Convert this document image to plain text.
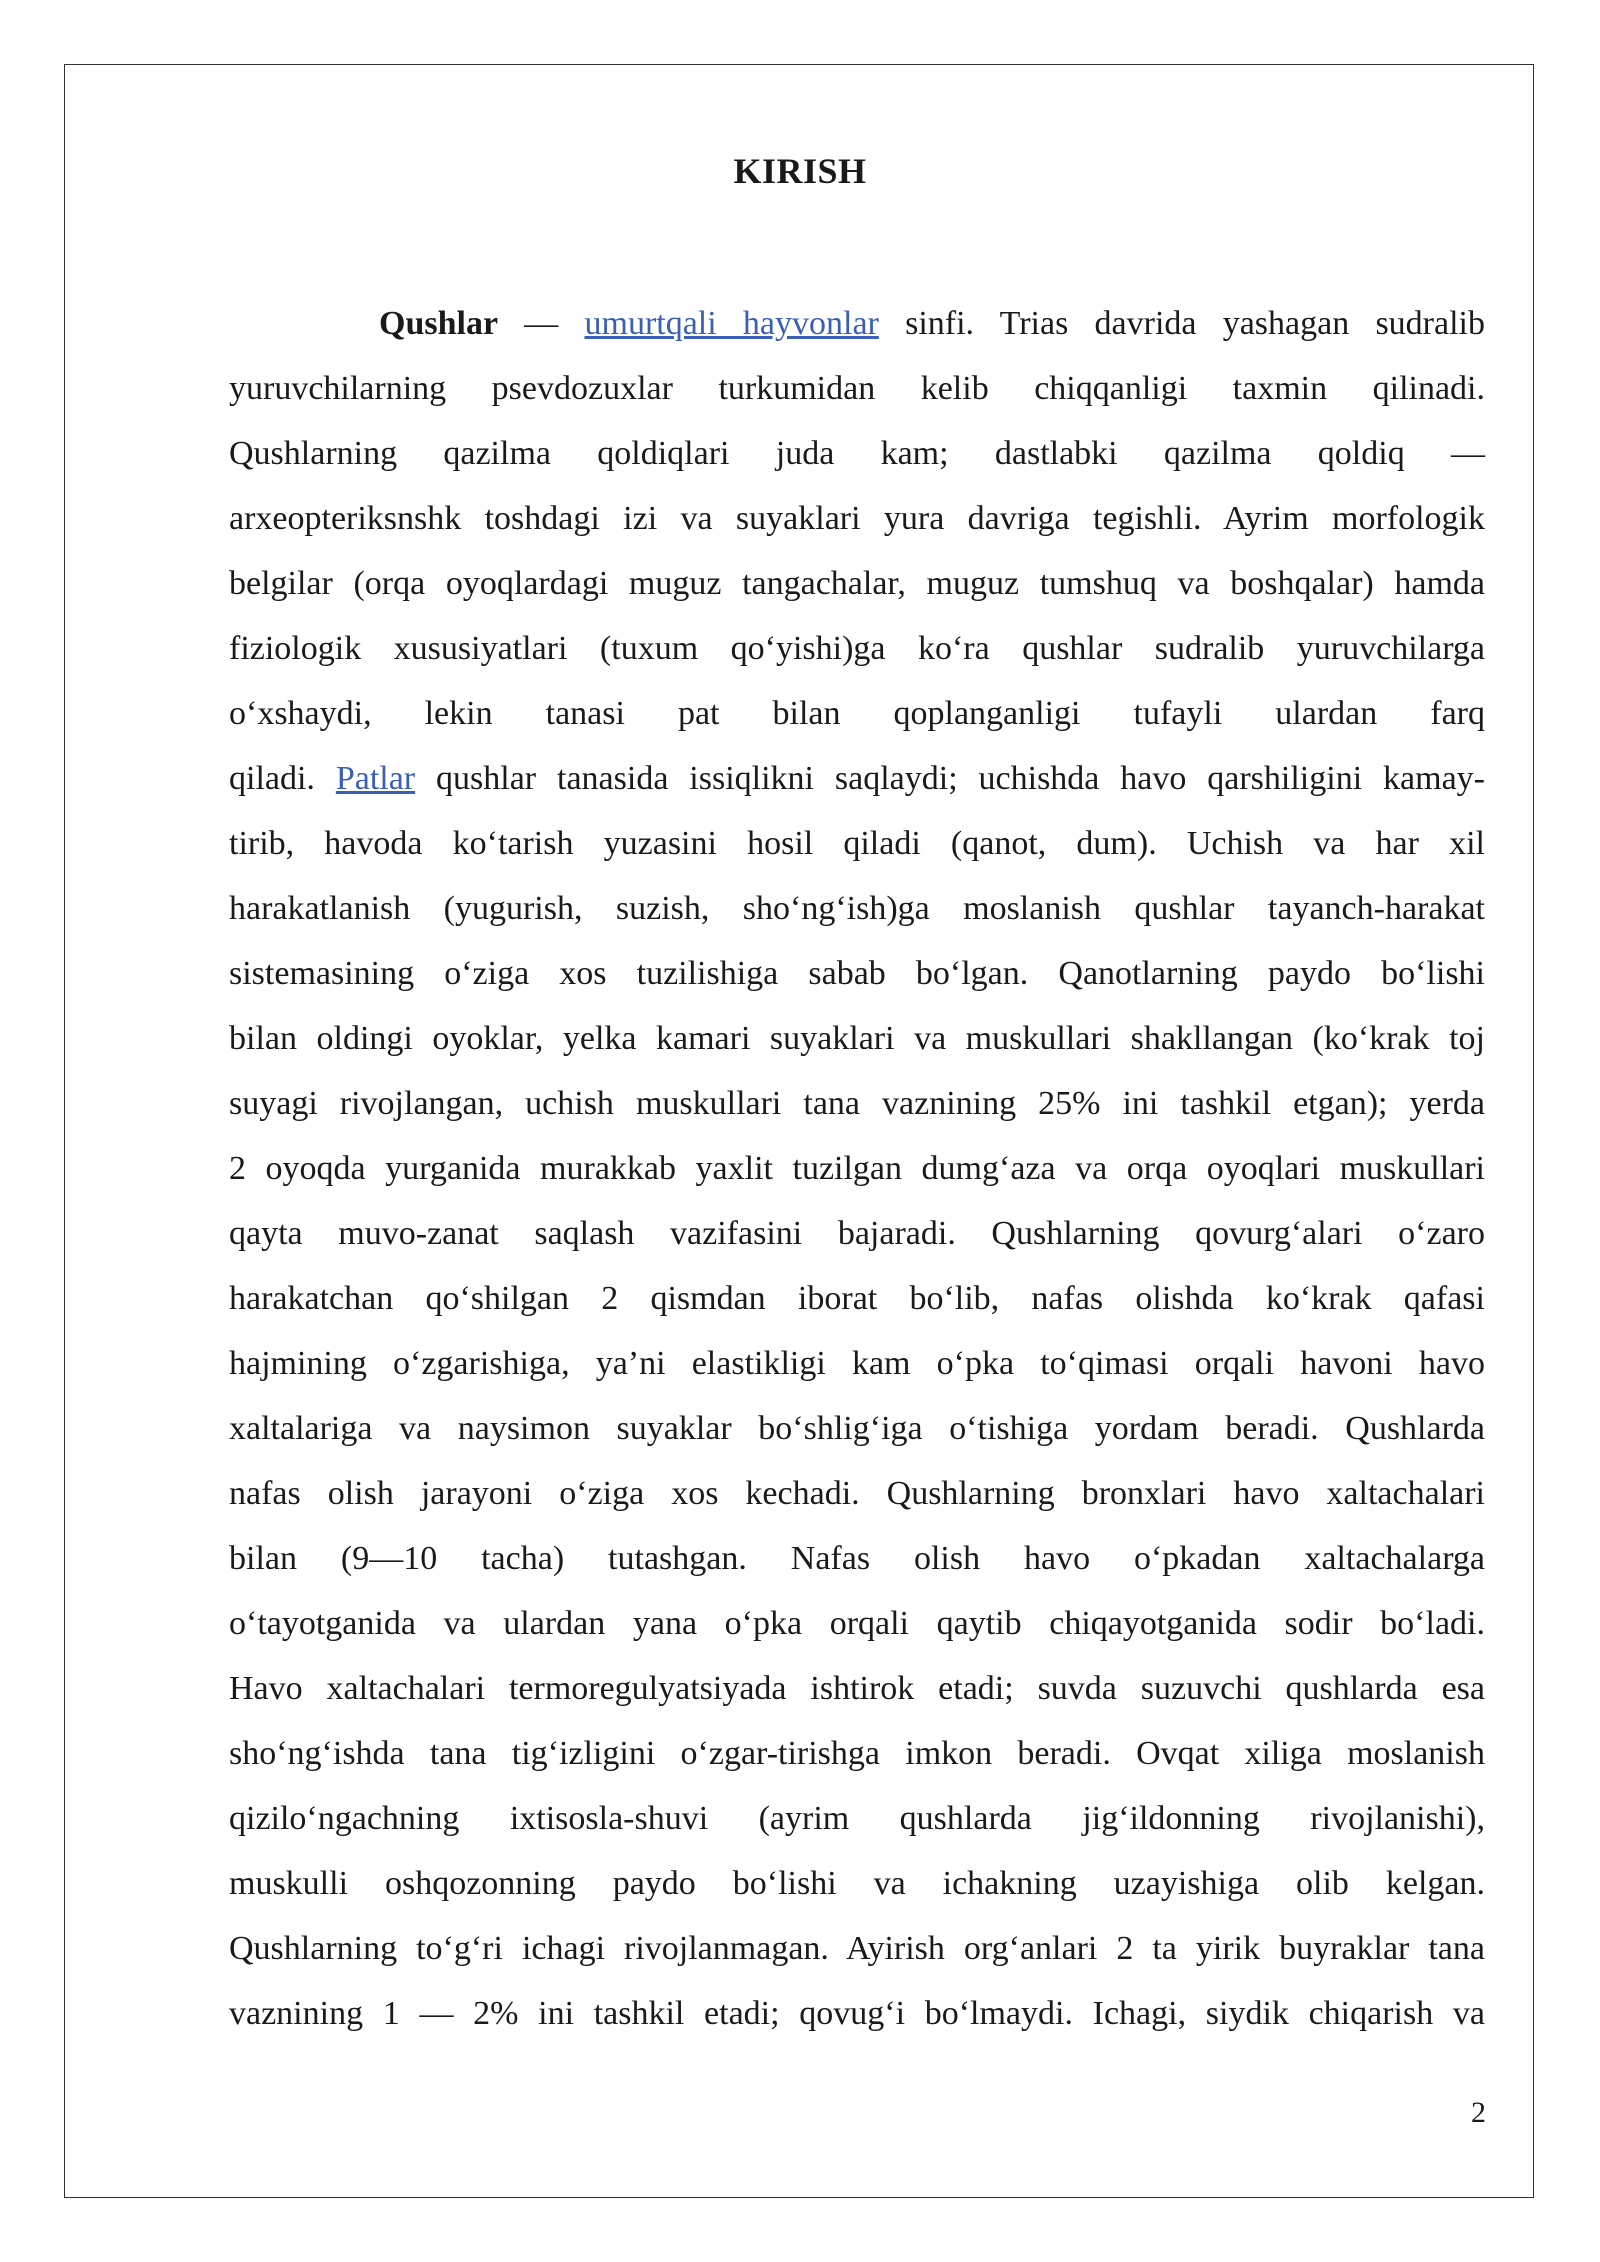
KIRISH
Qushlar — umurtqali hayvonlar sinfi. Trias davrida yashagan sudralib
yuruvchilarning psevdozuxlar turkumidan kelib chiqqanligi taxmin qilinadi.
Qushlarning qazilma qoldiqlari juda kam; dastlabki qazilma qoldiq —
arxeopteriksnshk toshdagi izi va suyaklari yura davriga tegishli. Ayrim morfologik
belgilar (orqa oyoqlardagi muguz tangachalar, muguz tumshuq va boshqalar) hamda
fiziologik xususiyatlari (tuxum qo‘yishi)ga ko‘ra qushlar sudralib yuruvchilarga
o‘xshaydi, lekin tanasi pat bilan qoplanganligi tufayli ulardan farq
qiladi. Patlar qushlar tanasida issiqlikni saqlaydi; uchishda havo qarshiligini kamay-
tirib, havoda ko‘tarish yuzasini hosil qiladi (qanot, dum). Uchish va har xil
harakatlanish (yugurish, suzish, sho‘ng‘ish)ga moslanish qushlar tayanch-harakat
sistemasining o‘ziga xos tuzilishiga sabab bo‘lgan. Qanotlarning paydo bo‘lishi
bilan oldingi oyoklar, yelka kamari suyaklari va muskullari shakllangan (ko‘krak toj
suyagi rivojlangan, uchish muskullari tana vaznining 25% ini tashkil etgan); yerda
2 oyoqda yurganida murakkab yaxlit tuzilgan dumg‘aza va orqa oyoqlari muskullari
qayta muvo-zanat saqlash vazifasini bajaradi. Qushlarning qovurg‘alari o‘zaro
harakatchan qo‘shilgan 2 qismdan iborat bo‘lib, nafas olishda ko‘krak qafasi
hajmining o‘zgarishiga, ya’ni elastikligi kam o‘pka to‘qimasi orqali havoni havo
xaltalariga va naysimon suyaklar bo‘shlig‘iga o‘tishiga yordam beradi. Qushlarda
nafas olish jarayoni o‘ziga xos kechadi. Qushlarning bronxlari havo xaltachalari
bilan (9—10 tacha) tutashgan. Nafas olish havo o‘pkadan xaltachalarga
o‘tayotganida va ulardan yana o‘pka orqali qaytib chiqayotganida sodir bo‘ladi.
Havo xaltachalari termoregulyatsiyada ishtirok etadi; suvda suzuvchi qushlarda esa
sho‘ng‘ishda tana tig‘izligini o‘zgar-tirishga imkon beradi. Ovqat xiliga moslanish
qizilo‘ngachning ixtisosla-shuvi (ayrim qushlarda jig‘ildonning rivojlanishi),
muskulli oshqozonning paydo bo‘lishi va ichakning uzayishiga olib kelgan.
Qushlarning to‘g‘ri ichagi rivojlanmagan. Ayirish org‘anlari 2 ta yirik buyraklar tana
vaznining 1 — 2% ini tashkil etadi; qovug‘i bo‘lmaydi. Ichagi, siydik chiqarish va
2
